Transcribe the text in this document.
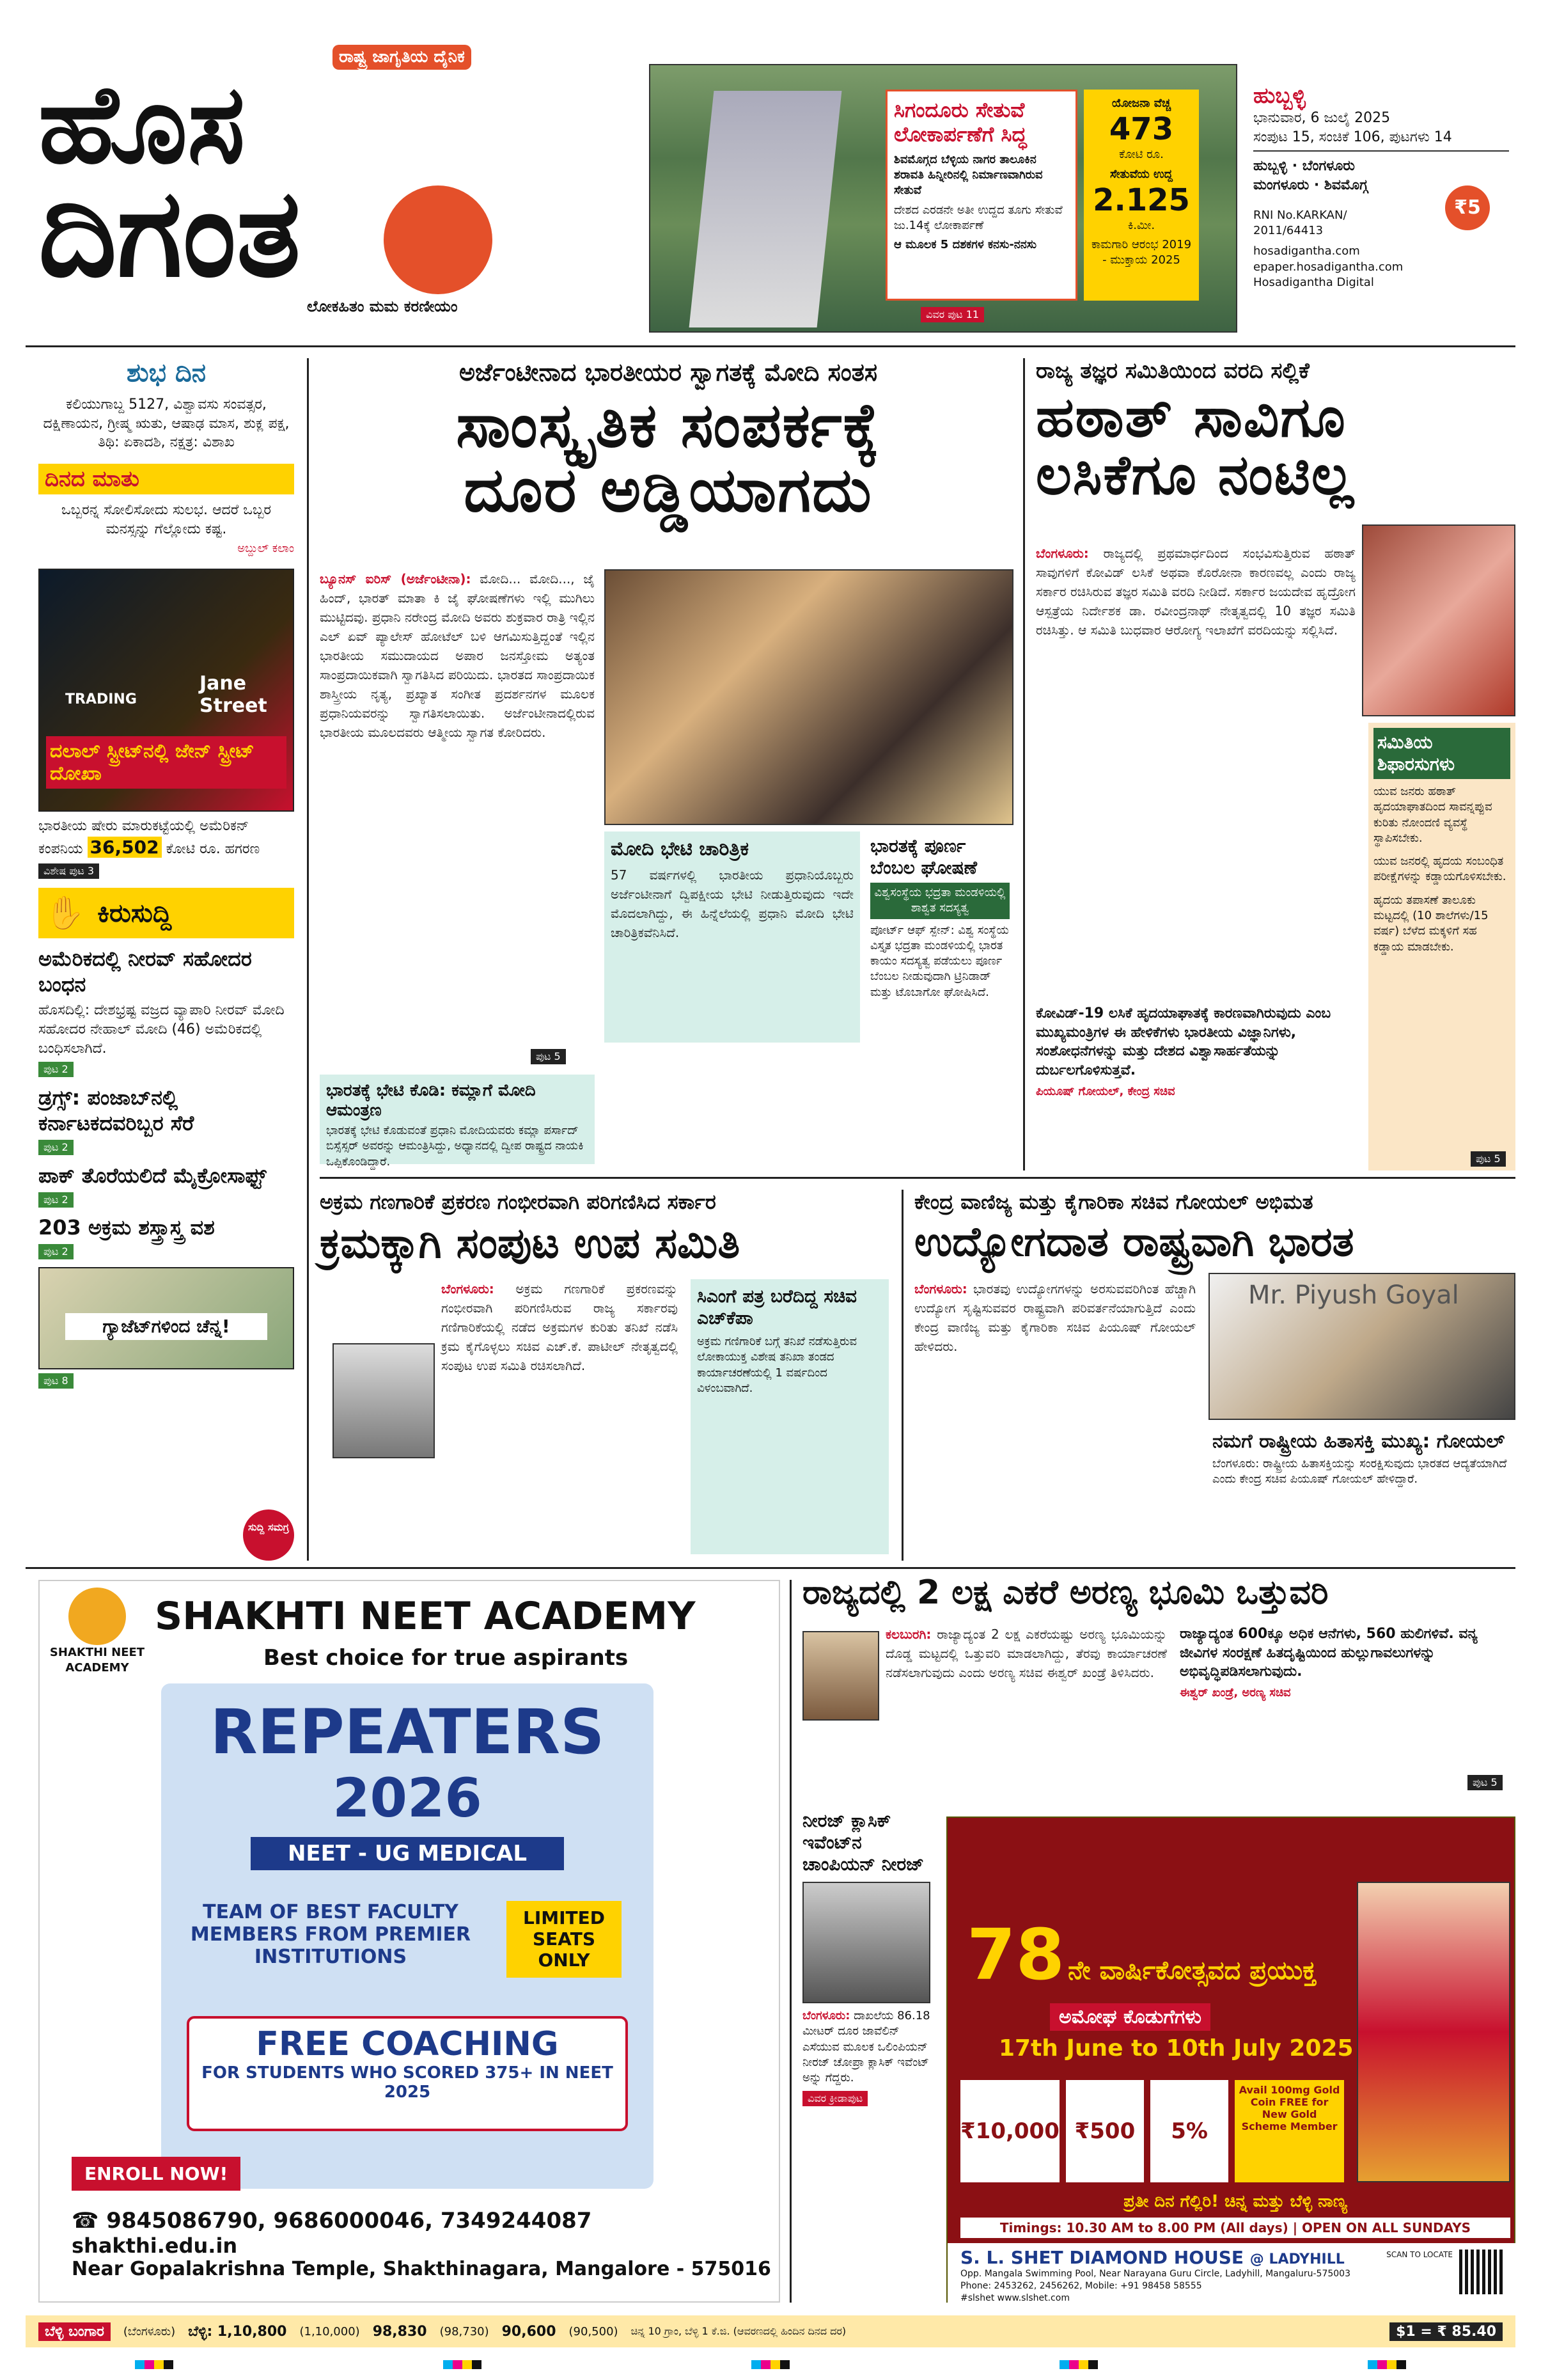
ರಾಷ್ಟ್ರ ಜಾಗೃತಿಯ ದೈನಿಕ
ಹೊಸ
ದಿಗಂತ
ಲೋಕಹಿತಂ ಮಮ ಕರಣೀಯಂ
ಸಿಗಂದೂರು ಸೇತುವೆ ಲೋಕಾರ್ಪಣೆಗೆ ಸಿದ್ಧ
ಶಿವಮೊಗ್ಗದ ಬೆಳ್ಳಿಯ ನಾಗರ ತಾಲೂಕಿನ ಶರಾವತಿ ಹಿನ್ನೀರಿನಲ್ಲಿ ನಿರ್ಮಾಣವಾಗಿರುವ ಸೇತುವೆ
ದೇಶದ ಎರಡನೇ ಅತೀ ಉದ್ದದ ತೂಗು ಸೇತುವೆ ಜು.14ಕ್ಕೆ ಲೋಕಾರ್ಪಣೆ
ಆ ಮೂಲಕ 5 ದಶಕಗಳ ಕನಸು-ನನಸು
ಯೋಜನಾ ವೆಚ್ಚ
473
ಕೋಟಿ ರೂ.
ಸೇತುವೆಯ ಉದ್ದ
2.125
ಕಿ.ಮೀ.
ಕಾಮಗಾರಿ ಆರಂಭ 2019 - ಮುಕ್ತಾಯ 2025
ವಿವರ ಪುಟ 11
ಹುಬ್ಬಳ್ಳಿ
ಭಾನುವಾರ, 6 ಜುಲೈ 2025
ಸಂಪುಟ 15, ಸಂಚಿಕೆ 106, ಪುಟಗಳು 14
ಹುಬ್ಬಳ್ಳಿ · ಬೆಂಗಳೂರು
ಮಂಗಳೂರು · ಶಿವಮೊಗ್ಗ
₹5
RNI No.KARKAN/ 2011/64413
hosadigantha.com
epaper.hosadigantha.com
Hosadigantha Digital
ಶುಭ ದಿನ
ಕಲಿಯುಗಾಬ್ದ 5127, ವಿಶ್ವಾವಸು ಸಂವತ್ಸರ, ದಕ್ಷಿಣಾಯನ, ಗ್ರೀಷ್ಮ ಋತು, ಆಷಾಢ ಮಾಸ, ಶುಕ್ಲ ಪಕ್ಷ, ತಿಥಿ: ಏಕಾದಶಿ, ನಕ್ಷತ್ರ: ವಿಶಾಖ
ದಿನದ ಮಾತು
ಒಬ್ಬರನ್ನ ಸೋಲಿಸೋದು ಸುಲಭ. ಆದರೆ ಒಬ್ಬರ ಮನಸ್ಸನ್ನು ಗೆಲ್ಲೋದು ಕಷ್ಟ.
ಅಬ್ದುಲ್ ಕಲಾಂ
TRADING
Jane Street
ದಲಾಲ್ ಸ್ಟ್ರೀಟ್‌ನಲ್ಲಿ ಜೇನ್ ಸ್ಟ್ರೀಟ್ ದೋಖಾ
ಭಾರತೀಯ ಷೇರು ಮಾರುಕಟ್ಟೆಯಲ್ಲಿ ಅಮೆರಿಕನ್ ಕಂಪನಿಯ 36,502 ಕೋಟಿ ರೂ. ಹಗರಣ
ವಿಶೇಷ ಪುಟ 3
✋ ಕಿರುಸುದ್ದಿ
ಅಮೆರಿಕದಲ್ಲಿ ನೀರವ್ ಸಹೋದರ ಬಂಧನ
ಹೊಸದಿಲ್ಲಿ: ದೇಶಭ್ರಷ್ಟ ವಜ್ರದ ವ್ಯಾಪಾರಿ ನೀರವ್ ಮೋದಿ ಸಹೋದರ ನೇಹಾಲ್ ಮೋದಿ (46) ಅಮೆರಿಕದಲ್ಲಿ ಬಂಧಿಸಲಾಗಿದೆ.
ಪುಟ 2
ಡ್ರಗ್ಸ್: ಪಂಜಾಬ್‌ನಲ್ಲಿ ಕರ್ನಾಟಕದವರಿಬ್ಬರ ಸೆರೆ
ಪುಟ 2
ಪಾಕ್ ತೊರೆಯಲಿದೆ ಮೈಕ್ರೋಸಾಫ್ಟ್
ಪುಟ 2
203 ಅಕ್ರಮ ಶಸ್ತ್ರಾಸ್ತ್ರ ವಶ
ಪುಟ 2
ಗ್ಯಾಜೆಟ್‌ಗಳಿಂದ ಚೆನ್ನ!
ಪುಟ 8
ಸುದ್ದಿ ಸಮಗ್ರ
ಅರ್ಜೆಂಟೀನಾದ ಭಾರತೀಯರ ಸ್ವಾಗತಕ್ಕೆ ಮೋದಿ ಸಂತಸ
ಸಾಂಸ್ಕೃತಿಕ ಸಂಪರ್ಕಕ್ಕೆ
ದೂರ ಅಡ್ಡಿಯಾಗದು
ಬ್ಯೂನಸ್ ಐರಿಸ್ (ಅರ್ಜೆಂಟೀನಾ): ಮೋದಿ... ಮೋದಿ..., ಜೈ ಹಿಂದ್, ಭಾರತ್ ಮಾತಾ ಕಿ ಜೈ ಘೋಷಣೆಗಳು ಇಲ್ಲಿ ಮುಗಿಲು ಮುಟ್ಟಿದವು. ಪ್ರಧಾನಿ ನರೇಂದ್ರ ಮೋದಿ ಅವರು ಶುಕ್ರವಾರ ರಾತ್ರಿ ಇಲ್ಲಿನ ಎಲ್ ಏವ್ ಪ್ಯಾಲೇಸ್ ಹೋಟೆಲ್ ಬಳಿ ಆಗಮಿಸುತ್ತಿದ್ದಂತೆ ಇಲ್ಲಿನ ಭಾರತೀಯ ಸಮುದಾಯದ ಅಪಾರ ಜನಸ್ತೋಮ ಅತ್ಯಂತ ಸಾಂಪ್ರದಾಯಿಕವಾಗಿ ಸ್ವಾಗತಿಸಿದ ಪರಿಯಿದು. ಭಾರತದ ಸಾಂಪ್ರದಾಯಿಕ ಶಾಸ್ತ್ರೀಯ ನೃತ್ಯ, ಪ್ರಖ್ಯಾತ ಸಂಗೀತ ಪ್ರದರ್ಶನಗಳ ಮೂಲಕ ಪ್ರಧಾನಿಯವರನ್ನು ಸ್ವಾಗತಿಸಲಾಯಿತು. ಅರ್ಜೆಂಟೀನಾದಲ್ಲಿರುವ ಭಾರತೀಯ ಮೂಲದವರು ಆತ್ಮೀಯ ಸ್ವಾಗತ ಕೋರಿದರು.
ಪುಟ 5
ಮೋದಿ ಭೇಟಿ ಚಾರಿತ್ರಿಕ
57 ವರ್ಷಗಳಲ್ಲಿ ಭಾರತೀಯ ಪ್ರಧಾನಿಯೊಬ್ಬರು ಅರ್ಜೆಂಟೀನಾಗೆ ದ್ವಿಪಕ್ಷೀಯ ಭೇಟಿ ನೀಡುತ್ತಿರುವುದು ಇದೇ ಮೊದಲಾಗಿದ್ದು, ಈ ಹಿನ್ನೆಲೆಯಲ್ಲಿ ಪ್ರಧಾನಿ ಮೋದಿ ಭೇಟಿ ಚಾರಿತ್ರಿಕವೆನಿಸಿದೆ.
ಭಾರತಕ್ಕೆ ಪೂರ್ಣ ಬೆಂಬಲ ಘೋಷಣೆ
ವಿಶ್ವಸಂಸ್ಥೆಯ ಭದ್ರತಾ ಮಂಡಳಿಯಲ್ಲಿ ಶಾಶ್ವತ ಸದಸ್ಯತ್ವ
ಪೋರ್ಟ್ ಆಫ್ ಸ್ಪೇನ್: ವಿಶ್ವ ಸಂಸ್ಥೆಯ ವಿಸ್ತೃತ ಭದ್ರತಾ ಮಂಡಳಿಯಲ್ಲಿ ಭಾರತ ಕಾಯಂ ಸದಸ್ಯತ್ವ ಪಡೆಯಲು ಪೂರ್ಣ ಬೆಂಬಲ ನೀಡುವುದಾಗಿ ಟ್ರಿನಿಡಾಡ್ ಮತ್ತು ಟೊಬಾಗೋ ಘೋಷಿಸಿದೆ.
ಭಾರತಕ್ಕೆ ಭೇಟಿ ಕೊಡಿ: ಕಮ್ಲಾಗೆ ಮೋದಿ ಆಮಂತ್ರಣ
ಭಾರತಕ್ಕೆ ಭೇಟಿ ಕೊಡುವಂತೆ ಪ್ರಧಾನಿ ಮೋದಿಯವರು ಕಮ್ಲಾ ಪರ್ಸಾದ್ ಬಿಸ್ಸೆಸ್ಸರ್ ಅವರನ್ನು ಆಮಂತ್ರಿಸಿದ್ದು, ಅಧ್ಯಾನದಲ್ಲಿ ದ್ವೀಪ ರಾಷ್ಟ್ರದ ನಾಯಕಿ ಒಪ್ಪಿಕೊಂಡಿದ್ದಾರೆ.
ರಾಜ್ಯ ತಜ್ಞರ ಸಮಿತಿಯಿಂದ ವರದಿ ಸಲ್ಲಿಕೆ
ಹಠಾತ್ ಸಾವಿಗೂ
ಲಸಿಕೆಗೂ ನಂಟಿಲ್ಲ
ಬೆಂಗಳೂರು: ರಾಜ್ಯದಲ್ಲಿ ಪ್ರಥಮಾರ್ಧದಿಂದ ಸಂಭವಿಸುತ್ತಿರುವ ಹಠಾತ್ ಸಾವುಗಳಿಗೆ ಕೋವಿಡ್ ಲಸಿಕೆ ಅಥವಾ ಕೊರೋನಾ ಕಾರಣವಲ್ಲ ಎಂದು ರಾಜ್ಯ ಸರ್ಕಾರ ರಚಿಸಿರುವ ತಜ್ಞರ ಸಮಿತಿ ವರದಿ ನೀಡಿದೆ. ಸರ್ಕಾರ ಜಯದೇವ ಹೃದ್ರೋಗ ಆಸ್ಪತ್ರೆಯ ನಿರ್ದೇಶಕ ಡಾ. ರವೀಂದ್ರನಾಥ್ ನೇತೃತ್ವದಲ್ಲಿ 10 ತಜ್ಞರ ಸಮಿತಿ ರಚಿಸಿತ್ತು. ಆ ಸಮಿತಿ ಬುಧವಾರ ಆರೋಗ್ಯ ಇಲಾಖೆಗೆ ವರದಿಯನ್ನು ಸಲ್ಲಿಸಿದೆ.
ಸಮಿತಿಯ ಶಿಫಾರಸುಗಳು
ಯುವ ಜನರು ಹಠಾತ್ ಹೃದಯಾಘಾತದಿಂದ ಸಾವನ್ನಪ್ಪುವ ಕುರಿತು ನೋಂದಣಿ ವ್ಯವಸ್ಥೆ ಸ್ಥಾಪಿಸಬೇಕು.
ಯುವ ಜನರಲ್ಲಿ ಹೃದಯ ಸಂಬಂಧಿತ ಪರೀಕ್ಷೆಗಳನ್ನು ಕಡ್ಡಾಯಗೊಳಿಸಬೇಕು.
ಹೃದಯ ತಪಾಸಣೆ ತಾಲೂಕು ಮಟ್ಟದಲ್ಲಿ (10 ಶಾಲೆಗಳು/15 ವರ್ಷ) ಬೆಳೆದ ಮಕ್ಕಳಿಗೆ ಸಹ ಕಡ್ಡಾಯ ಮಾಡಬೇಕು.
ಕೋವಿಡ್‌-19 ಲಸಿಕೆ ಹೃದಯಾಘಾತಕ್ಕೆ ಕಾರಣವಾಗಿರುವುದು ಎಂಬ ಮುಖ್ಯಮಂತ್ರಿಗಳ ಈ ಹೇಳಿಕೆಗಳು ಭಾರತೀಯ ವಿಜ್ಞಾನಿಗಳು, ಸಂಶೋಧನೆಗಳನ್ನು ಮತ್ತು ದೇಶದ ವಿಶ್ವಾಸಾರ್ಹತೆಯನ್ನು ದುರ್ಬಲಗೊಳಿಸುತ್ತವೆ.
ಪಿಯೂಷ್ ಗೋಯಲ್, ಕೇಂದ್ರ ಸಚಿವ
ಪುಟ 5
ಅಕ್ರಮ ಗಣಗಾರಿಕೆ ಪ್ರಕರಣ ಗಂಭೀರವಾಗಿ ಪರಿಗಣಿಸಿದ ಸರ್ಕಾರ
ಕ್ರಮಕ್ಕಾಗಿ ಸಂಪುಟ ಉಪ ಸಮಿತಿ
ಬೆಂಗಳೂರು: ಅಕ್ರಮ ಗಣಗಾರಿಕೆ ಪ್ರಕರಣವನ್ನು ಗಂಭೀರವಾಗಿ ಪರಿಗಣಿಸಿರುವ ರಾಜ್ಯ ಸರ್ಕಾರವು ಗಣಿಗಾರಿಕೆಯಲ್ಲಿ ನಡೆದ ಅಕ್ರಮಗಳ ಕುರಿತು ತನಿಖೆ ನಡೆಸಿ ಕ್ರಮ ಕೈಗೊಳ್ಳಲು ಸಚಿವ ಎಚ್.ಕೆ. ಪಾಟೀಲ್ ನೇತೃತ್ವದಲ್ಲಿ ಸಂಪುಟ ಉಪ ಸಮಿತಿ ರಚಿಸಲಾಗಿದೆ.
ಸಿಎಂಗೆ ಪತ್ರ ಬರೆದಿದ್ದ ಸಚಿವ ಎಚ್‌ಕೆಪಾ
ಅಕ್ರಮ ಗಣಿಗಾರಿಕೆ ಬಗ್ಗೆ ತನಿಖೆ ನಡೆಸುತ್ತಿರುವ ಲೋಕಾಯುಕ್ತ ವಿಶೇಷ ತನಿಖಾ ತಂಡದ ಕಾರ್ಯಾಚರಣೆಯಲ್ಲಿ 1 ವರ್ಷದಿಂದ ವಿಳಂಬವಾಗಿದೆ.
ಕೇಂದ್ರ ವಾಣಿಜ್ಯ ಮತ್ತು ಕೈಗಾರಿಕಾ ಸಚಿವ ಗೋಯಲ್ ಅಭಿಮತ
ಉದ್ಯೋಗದಾತ ರಾಷ್ಟ್ರವಾಗಿ ಭಾರತ
ಬೆಂಗಳೂರು: ಭಾರತವು ಉದ್ಯೋಗಗಳನ್ನು ಅರಸುವವರಿಗಿಂತ ಹೆಚ್ಚಾಗಿ ಉದ್ಯೋಗ ಸೃಷ್ಟಿಸುವವರ ರಾಷ್ಟ್ರವಾಗಿ ಪರಿವರ್ತನೆಯಾಗುತ್ತಿದೆ ಎಂದು ಕೇಂದ್ರ ವಾಣಿಜ್ಯ ಮತ್ತು ಕೈಗಾರಿಕಾ ಸಚಿವ ಪಿಯೂಷ್ ಗೋಯಲ್ ಹೇಳಿದರು.
Mr. Piyush Goyal
ನಮಗೆ ರಾಷ್ಟ್ರೀಯ ಹಿತಾಸಕ್ತಿ ಮುಖ್ಯ: ಗೋಯಲ್
ಬೆಂಗಳೂರು: ರಾಷ್ಟ್ರೀಯ ಹಿತಾಸಕ್ತಿಯನ್ನು ಸಂರಕ್ಷಿಸುವುದು ಭಾರತದ ಆದ್ಯತೆಯಾಗಿದೆ ಎಂದು ಕೇಂದ್ರ ಸಚಿವ ಪಿಯೂಷ್ ಗೋಯಲ್ ಹೇಳಿದ್ದಾರೆ.
SHAKTHI NEET ACADEMY
SHAKHTI NEET ACADEMY
Best choice for true aspirants
REPEATERS
2026
NEET - UG MEDICAL
TEAM OF BEST FACULTY MEMBERS FROM PREMIER INSTITUTIONS
LIMITED SEATS ONLY
FREE COACHING
FOR STUDENTS WHO SCORED 375+ IN NEET 2025
ENROLL NOW!
☎ 9845086790, 9686000046, 7349244087
shakthi.edu.in
Near Gopalakrishna Temple, Shakthinagara, Mangalore - 575016
ರಾಜ್ಯದಲ್ಲಿ 2 ಲಕ್ಷ ಎಕರೆ ಅರಣ್ಯ ಭೂಮಿ ಒತ್ತುವರಿ
ಕಲಬುರಗಿ: ರಾಜ್ಯಾದ್ಯಂತ 2 ಲಕ್ಷ ಎಕರೆಯಷ್ಟು ಅರಣ್ಯ ಭೂಮಿಯನ್ನು ದೊಡ್ಡ ಮಟ್ಟದಲ್ಲಿ ಒತ್ತುವರಿ ಮಾಡಲಾಗಿದ್ದು, ತೆರವು ಕಾರ್ಯಾಚರಣೆ ನಡೆಸಲಾಗುವುದು ಎಂದು ಅರಣ್ಯ ಸಚಿವ ಈಶ್ವರ್ ಖಂಡ್ರೆ ತಿಳಿಸಿದರು.
ರಾಜ್ಯಾದ್ಯಂತ 600ಕ್ಕೂ ಅಧಿಕ ಆನೆಗಳು, 560 ಹುಲಿಗಳಿವೆ. ವನ್ಯ ಜೀವಿಗಳ ಸಂರಕ್ಷಣೆ ಹಿತದೃಷ್ಟಿಯಿಂದ ಹುಲ್ಲುಗಾವಲುಗಳನ್ನು ಅಭಿವೃದ್ಧಿಪಡಿಸಲಾಗುವುದು.
ಈಶ್ವರ್ ಖಂಡ್ರೆ, ಅರಣ್ಯ ಸಚಿವ
ಪುಟ 5
ನೀರಜ್ ಕ್ಲಾಸಿಕ್ ಇವೆಂಟ್‌ನ ಚಾಂಪಿಯನ್ ನೀರಜ್
ಬೆಂಗಳೂರು: ದಾಖಲೆಯ 86.18 ಮೀಟರ್ ದೂರ ಜಾವೆಲಿನ್ ಎಸೆಯುವ ಮೂಲಕ ಒಲಿಂಪಿಯನ್ ನೀರಜ್ ಚೋಪ್ರಾ ಕ್ಲಾಸಿಕ್ ಇವೆಂಟ್ ಅನ್ನು ಗೆದ್ದರು.
ವಿವರ ಕ್ರೀಡಾಪುಟ
78 ನೇ ವಾರ್ಷಿಕೋತ್ಸವದ ಪ್ರಯುಕ್ತ
ಅಮೋಘ ಕೊಡುಗೆಗಳು
17th June to 10th July 2025
₹10,000 ₹500	5%
Avail 100mg Gold Coin FREE for New Gold Scheme Member
ಪ್ರತೀ ದಿನ ಗೆಲ್ಲಿರಿ! ಚಿನ್ನ ಮತ್ತು ಬೆಳ್ಳಿ ನಾಣ್ಯ
Timings: 10.30 AM to 8.00 PM (All days) | OPEN ON ALL SUNDAYS
S. L. SHET DIAMOND HOUSE @ LADYHILL
Opp. Mangala Swimming Pool, Near Narayana Guru Circle, Ladyhill, Mangaluru-575003
Phone: 2453262, 2456262, Mobile: +91 98458 58555
#slshet www.slshet.com
SCAN TO LOCATE
ಬೆಳ್ಳಿ ಬಂಗಾರ	(ಬೆಂಗಳೂರು) ಬೆಳ್ಳಿ: 1,10,800 (1,10,000) 98,830 (98,730) 90,600 (90,500) ಚಿನ್ನ 10 ಗ್ರಾಂ, ಬೆಳ್ಳಿ 1 ಕೆ.ಜಿ. (ಆವರಣದಲ್ಲಿ ಹಿಂದಿನ ದಿನದ ದರ)	$1 = ₹ 85.40
